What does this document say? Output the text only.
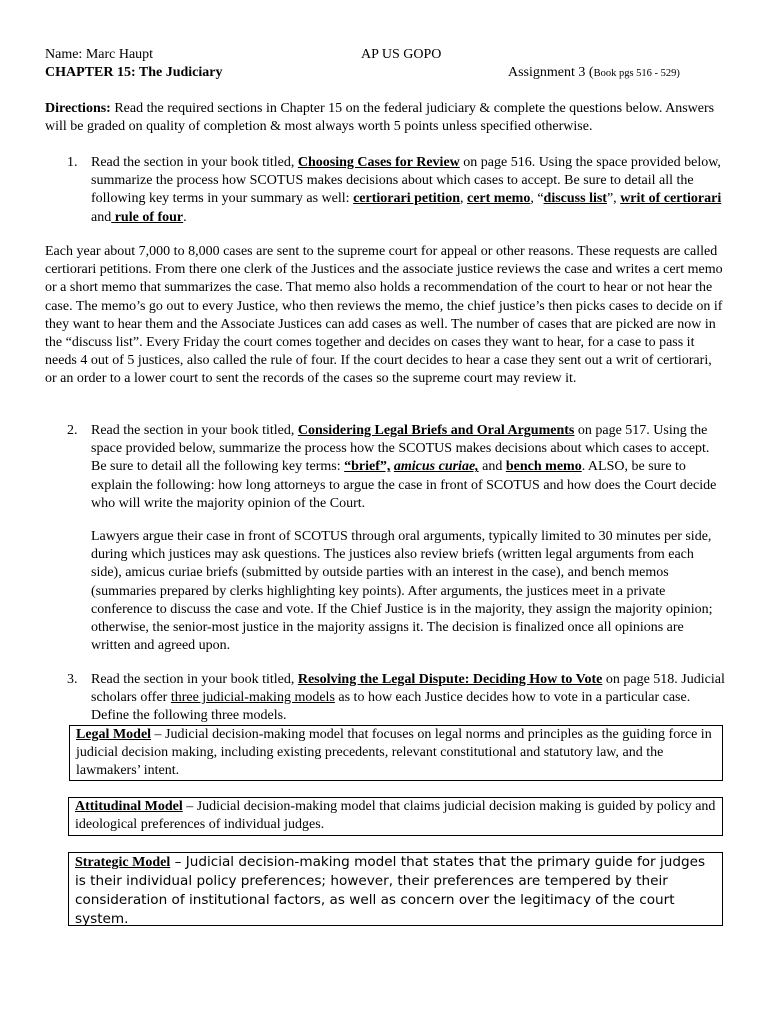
Name: Marc Haupt	AP US GOPO
CHAPTER 15: The Judiciary	Assignment 3 (Book pgs 516 - 529)

Directions: Read the required sections in Chapter 15 on the federal judiciary & complete the questions below. Answers will be graded on quality of completion & most always worth 5 points unless specified otherwise.

1. Read the section in your book titled, Choosing Cases for Review on page 516. Using the space provided below, summarize the process how SCOTUS makes decisions about which cases to accept. Be sure to detail all the following key terms in your summary as well: certiorari petition, cert memo, “discuss list”, writ of certiorari and rule of four.

Each year about 7,000 to 8,000 cases are sent to the supreme court for appeal or other reasons. These requests are called certiorari petitions. From there one clerk of the Justices and the associate justice reviews the case and writes a cert memo or a short memo that summarizes the case. That memo also holds a recommendation of the court to hear or not hear the case. The memo’s go out to every Justice, who then reviews the memo, the chief justice’s then picks cases to decide on if they want to hear them and the Associate Justices can add cases as well. The number of cases that are picked are now in the “discuss list”. Every Friday the court comes together and decides on cases they want to hear, for a case to pass it needs 4 out of 5 justices, also called the rule of four. If the court decides to hear a case they sent out a writ of certiorari, or an order to a lower court to sent the records of the cases so the supreme court may review it.

2. Read the section in your book titled, Considering Legal Briefs and Oral Arguments on page 517. Using the space provided below, summarize the process how the SCOTUS makes decisions about which cases to accept. Be sure to detail all the following key terms: “brief”, amicus curiae, and bench memo. ALSO, be sure to explain the following: how long attorneys to argue the case in front of SCOTUS and how does the Court decide who will write the majority opinion of the Court.

Lawyers argue their case in front of SCOTUS through oral arguments, typically limited to 30 minutes per side, during which justices may ask questions. The justices also review briefs (written legal arguments from each side), amicus curiae briefs (submitted by outside parties with an interest in the case), and bench memos (summaries prepared by clerks highlighting key points). After arguments, the justices meet in a private conference to discuss the case and vote. If the Chief Justice is in the majority, they assign the majority opinion; otherwise, the senior-most justice in the majority assigns it. The decision is finalized once all opinions are written and agreed upon.

3. Read the section in your book titled, Resolving the Legal Dispute: Deciding How to Vote on page 518. Judicial scholars offer three judicial-making models as to how each Justice decides how to vote in a particular case. Define the following three models.

Legal Model – Judicial decision-making model that focuses on legal norms and principles as the guiding force in judicial decision making, including existing precedents, relevant constitutional and statutory law, and the lawmakers’ intent.

Attitudinal Model – Judicial decision-making model that claims judicial decision making is guided by policy and ideological preferences of individual judges.

Strategic Model – Judicial decision-making model that states that the primary guide for judges is their individual policy preferences; however, their preferences are tempered by their consideration of institutional factors, as well as concern over the legitimacy of the court system.
